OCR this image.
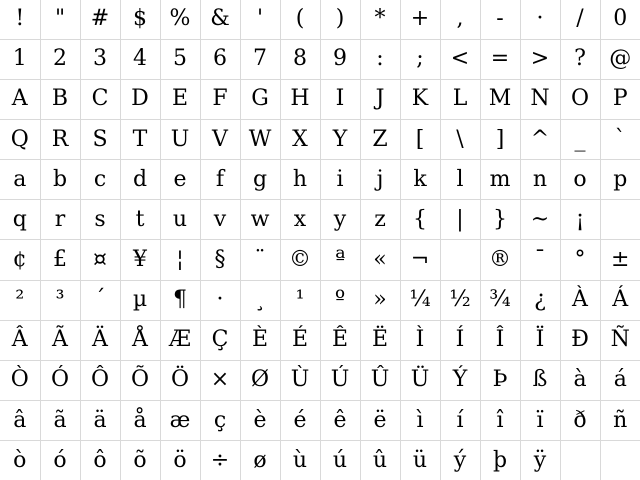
!	"	#	$	%	&	'	(	)	*	+	,	-	·	/	0
1	2	3	4	5	6	7	8	9	:	;	<	=	>	?	@
A	B	C	D	E	F	G	H	I	J	K	L	M	N	O	P
Q	R	S	T	U	V	W	X	Y	Z	[	\	]	^	_	`
a	b	c	d	e	f	g	h	i	j	k	l	m	n	o	p
q	r	s	t	u	v	w	x	y	z	{	|	}	~	¡	
¢	£	¤	¥	¦	§	¨	©	ª	«	¬		®	¯	°	±
²	³	´	µ	¶	·	¸	¹	º	»	¼	½	¾	¿	À	Á
Â	Ã	Ä	Å	Æ	Ç	È	É	Ê	Ë	Ì	Í	Î	Ï	Ð	Ñ
Ò	Ó	Ô	Õ	Ö	×	Ø	Ù	Ú	Û	Ü	Ý	Þ	ß	à	á
â	ã	ä	å	æ	ç	è	é	ê	ë	ì	í	î	ï	ð	ñ
ò	ó	ô	õ	ö	÷	ø	ù	ú	û	ü	ý	þ	ÿ		
